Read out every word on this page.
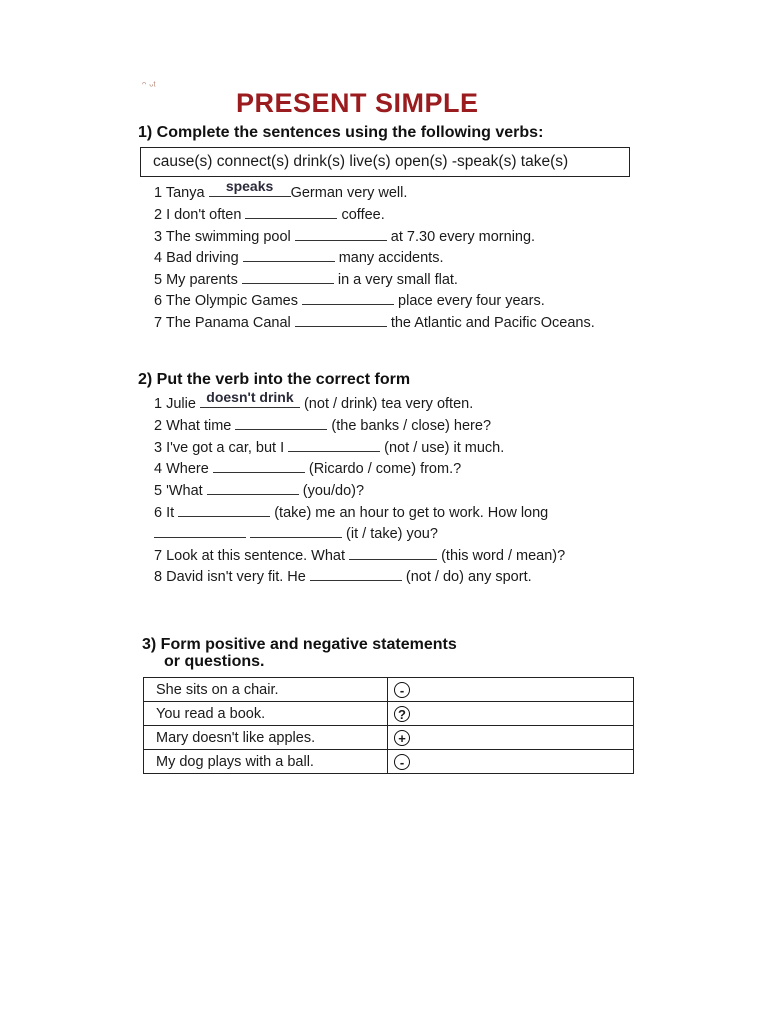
ᵔ ᵕᵗ
PRESENT SIMPLE
1) Complete the sentences using the following verbs:
cause(s) connect(s) drink(s) live(s) open(s) -speak(s) take(s)
1 Tanya	speaks	German very well.
2 I don't often	coffee.
3 The swimming pool	at 7.30 every morning.
4 Bad driving	many accidents.
5 My parents	in a very small flat.
6 The Olympic Games	place every four years.
7 The Panama Canal	the Atlantic and Pacific Oceans.
2) Put the verb into the correct form
1 Julie doesn't drink (not / drink) tea very often.
2 What time	(the banks / close) here?
3 I've got a car, but I	(not / use) it much.
4 Where	(Ricardo / come) from.?
5 'What	(you/do)?
6 It	(take) me an hour to get to work. How long
(it / take) you?
7 Look at this sentence. What	(this word / mean)?
8 David isn't very fit. He	(not / do) any sport.
3) Form positive and negative statements
or questions.
She sits on a chair.	-
You read a book.	?
Mary doesn't like apples.	+
My dog plays with a ball.	-
